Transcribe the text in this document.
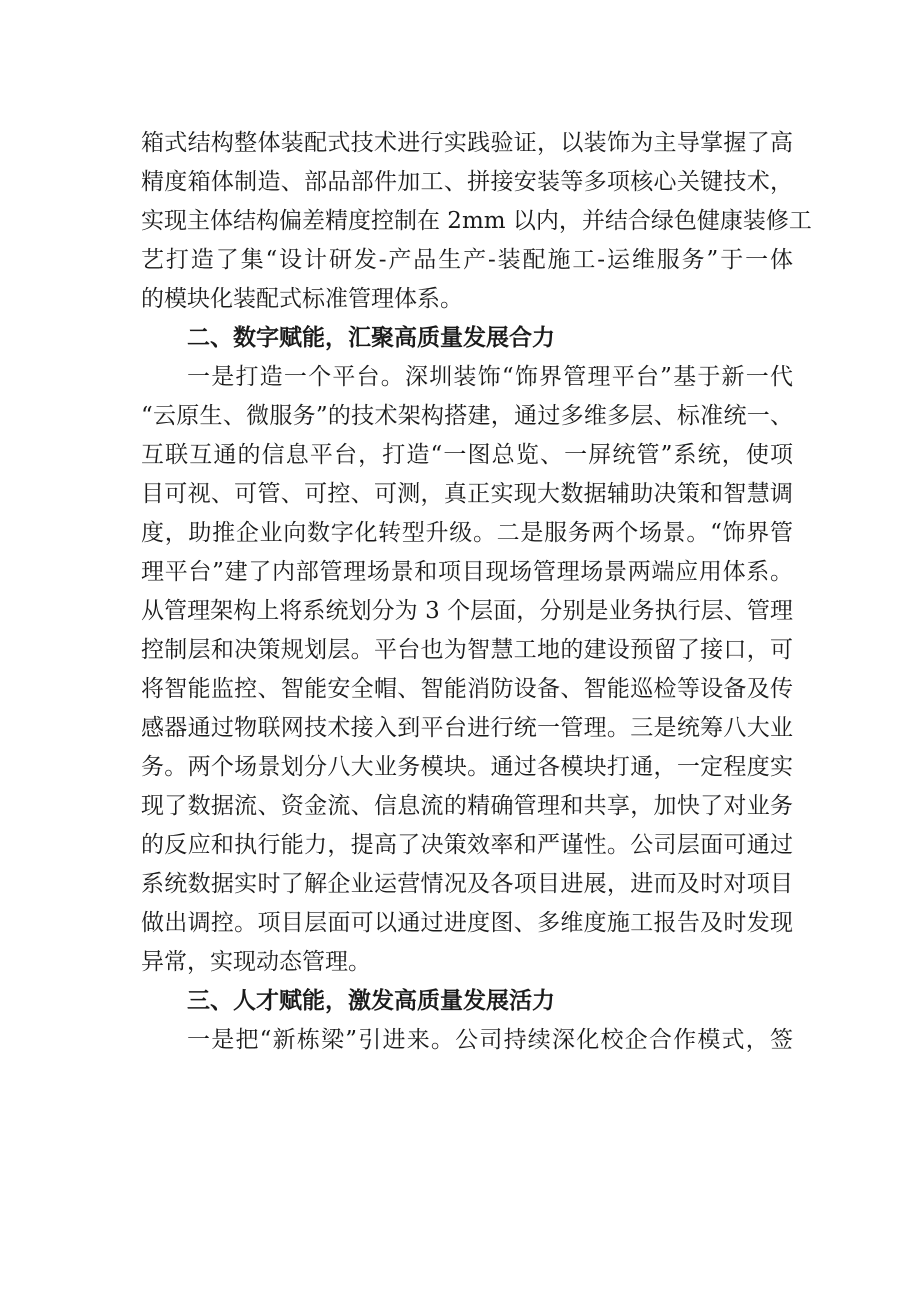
箱式结构整体装配式技术进行实践验证，以装饰为主导掌握了高
精度箱体制造、部品部件加工、拼接安装等多项核心关键技术，
实现主体结构偏差精度控制在 2mm 以内，并结合绿色健康装修工
艺打造了集“设计研发-产品生产-装配施工-运维服务”于一体
的模块化装配式标准管理体系。
二、数字赋能，汇聚高质量发展合力
一是打造一个平台。深圳装饰“饰界管理平台”基于新一代
“云原生、微服务”的技术架构搭建，通过多维多层、标准统一、
互联互通的信息平台，打造“一图总览、一屏统管”系统，使项
目可视、可管、可控、可测，真正实现大数据辅助决策和智慧调
度，助推企业向数字化转型升级。二是服务两个场景。“饰界管
理平台”建了内部管理场景和项目现场管理场景两端应用体系。
从管理架构上将系统划分为 3 个层面，分别是业务执行层、管理
控制层和决策规划层。平台也为智慧工地的建设预留了接口，可
将智能监控、智能安全帽、智能消防设备、智能巡检等设备及传
感器通过物联网技术接入到平台进行统一管理。三是统筹八大业
务。两个场景划分八大业务模块。通过各模块打通，一定程度实
现了数据流、资金流、信息流的精确管理和共享，加快了对业务
的反应和执行能力，提高了决策效率和严谨性。公司层面可通过
系统数据实时了解企业运营情况及各项目进展，进而及时对项目
做出调控。项目层面可以通过进度图、多维度施工报告及时发现
异常，实现动态管理。
三、人才赋能，激发高质量发展活力
一是把“新栋梁”引进来。公司持续深化校企合作模式，签
